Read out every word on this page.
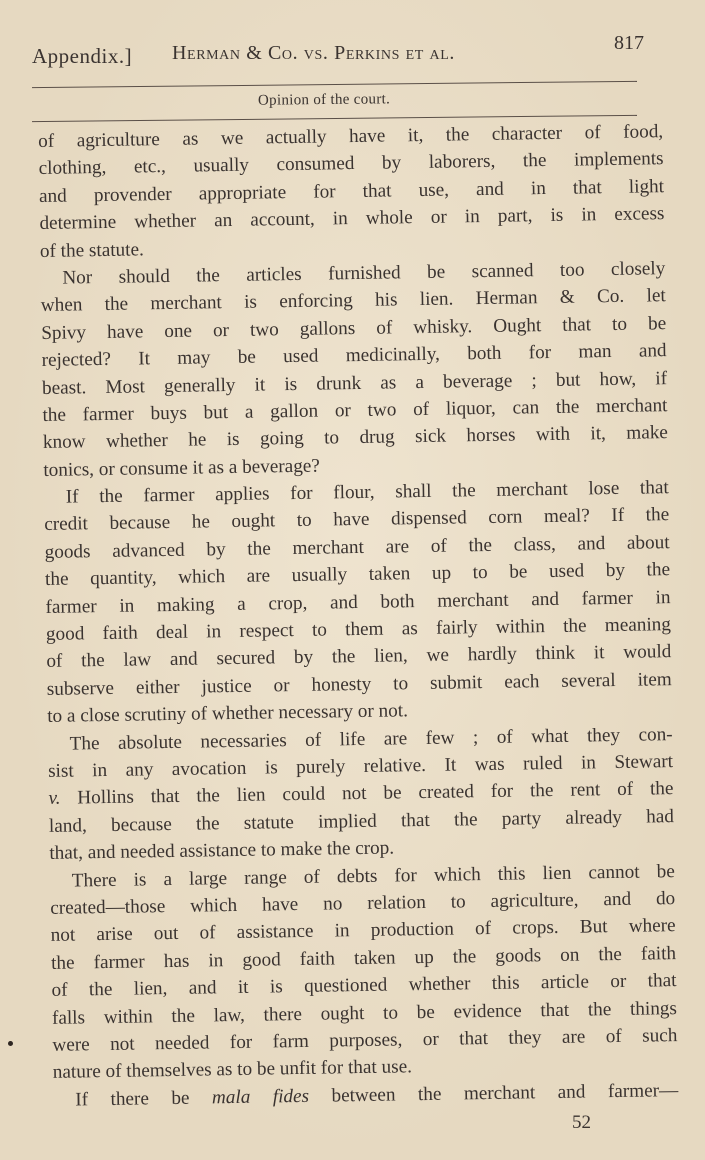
Appendix.] Herman & Co. vs. Perkins et al.	817
Opinion of the court.
of agriculture as we actually have it, the character of food,
clothing, etc., usually consumed by laborers, the implements
and provender appropriate for that use, and in that light
determine whether an account, in whole or in part, is in excess
of the statute.
Nor should the articles furnished be scanned too closely
when the merchant is enforcing his lien. Herman & Co. let
Spivy have one or two gallons of whisky. Ought that to be
rejected? It may be used medicinally, both for man and
beast. Most generally it is drunk as a beverage ; but how, if
the farmer buys but a gallon or two of liquor, can the merchant
know whether he is going to drug sick horses with it, make
tonics, or consume it as a beverage?
If the farmer applies for flour, shall the merchant lose that
credit because he ought to have dispensed corn meal? If the
goods advanced by the merchant are of the class, and about
the quantity, which are usually taken up to be used by the
farmer in making a crop, and both merchant and farmer in
good faith deal in respect to them as fairly within the meaning
of the law and secured by the lien, we hardly think it would
subserve either justice or honesty to submit each several item
to a close scrutiny of whether necessary or not.
The absolute necessaries of life are few ; of what they con-
sist in any avocation is purely relative. It was ruled in Stewart
v. Hollins that the lien could not be created for the rent of the
land, because the statute implied that the party already had
that, and needed assistance to make the crop.
There is a large range of debts for which this lien cannot be
created—those which have no relation to agriculture, and do
not arise out of assistance in production of crops. But where
the farmer has in good faith taken up the goods on the faith
of the lien, and it is questioned whether this article or that
falls within the law, there ought to be evidence that the things
were not needed for farm purposes, or that they are of such
nature of themselves as to be unfit for that use.
If there be mala fides between the merchant and farmer—
52
